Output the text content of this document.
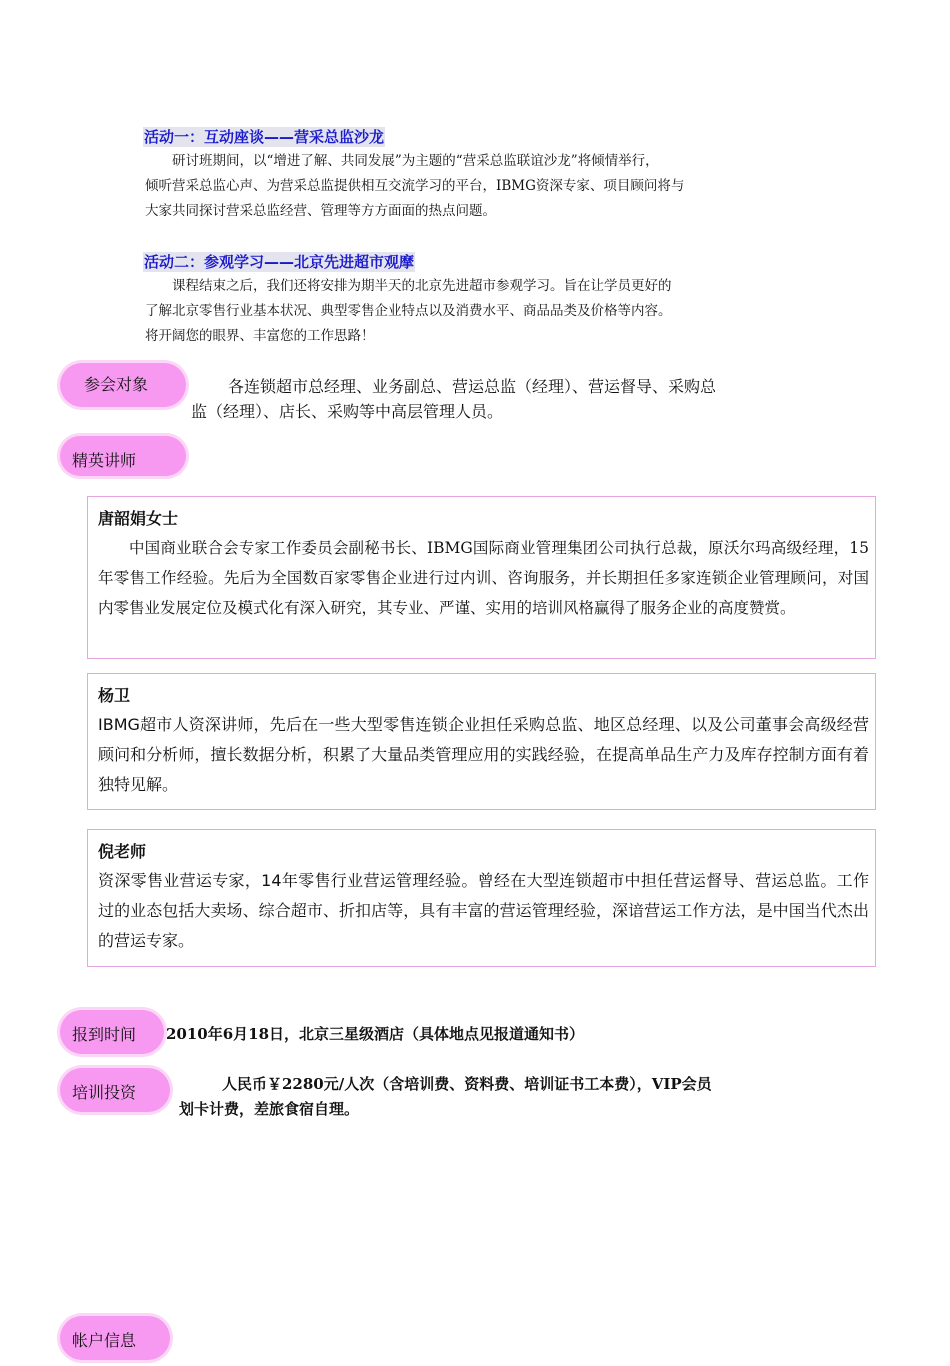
活动一：互动座谈——营采总监沙龙

研讨班期间，以“增进了解、共同发展”为主题的“营采总监联谊沙龙”将倾情举行，

倾听营采总监心声、为营采总监提供相互交流学习的平台，IBMG资深专家、项目顾问将与

大家共同探讨营采总监经营、管理等方方面面的热点问题。

活动二：参观学习——北京先进超市观摩

课程结束之后，我们还将安排为期半天的北京先进超市参观学习。旨在让学员更好的

了解北京零售行业基本状况、典型零售企业特点以及消费水平、商品品类及价格等内容。

将开阔您的眼界、丰富您的工作思路！

参会对象	各连锁超市总经理、业务副总、营运总监（经理）、营运督导、采购总
监（经理）、店长、采购等中高层管理人员。
精英讲师
唐韶娟女士
中国商业联合会专家工作委员会副秘书长、IBMG国际商业管理集团公司执行总裁，原沃尔玛高级经理，15年零售工作经验。先后为全国数百家零售企业进行过内训、咨询服务，并长期担任多家连锁企业管理顾问，对国内零售业发展定位及模式化有深入研究，其专业、严谨、实用的培训风格赢得了服务企业的高度赞赏。
杨卫
IBMG超市人资深讲师，先后在一些大型零售连锁企业担任采购总监、地区总经理、以及公司董事会高级经营顾问和分析师，擅长数据分析，积累了大量品类管理应用的实践经验，在提高单品生产力及库存控制方面有着独特见解。
倪老师
资深零售业营运专家，14年零售行业营运管理经验。曾经在大型连锁超市中担任营运督导、营运总监。工作过的业态包括大卖场、综合超市、折扣店等，具有丰富的营运管理经验，深谙营运工作方法，是中国当代杰出的营运专家。
报到时间	2010年6月18日，北京三星级酒店（具体地点见报道通知书）
培训投资	人民币￥2280元/人次（含培训费、资料费、培训证书工本费），VIP会员
划卡计费，差旅食宿自理。
帐户信息
